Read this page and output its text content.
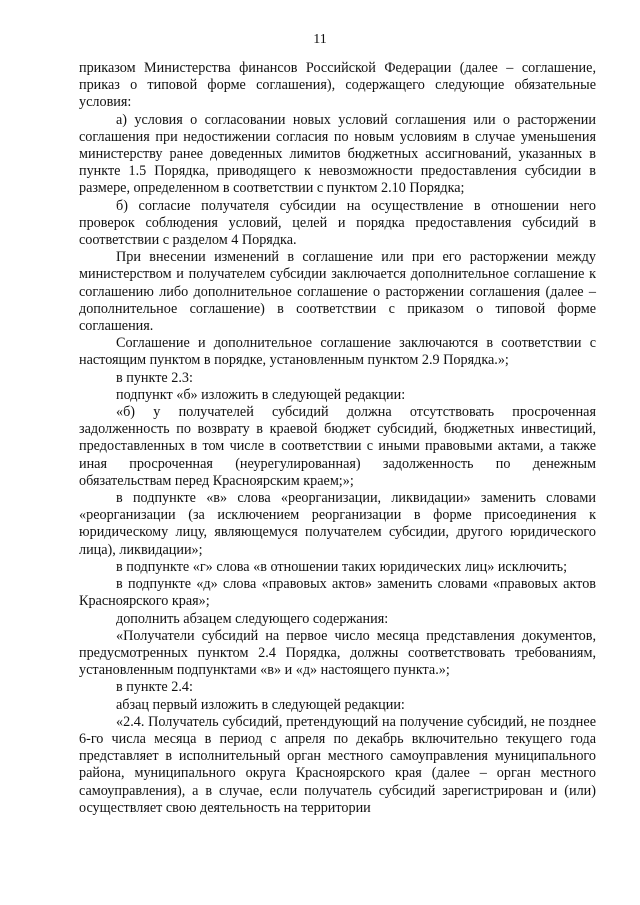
11

приказом Министерства финансов Российской Федерации (далее – соглашение, приказ о типовой форме соглашения), содержащего следующие обязательные условия:

а) условия о согласовании новых условий соглашения или о расторжении соглашения при недостижении согласия по новым условиям в случае уменьшения министерству ранее доведенных лимитов бюджетных ассигнований, указанных в пункте 1.5 Порядка, приводящего к невозможности предоставления субсидии в размере, определенном в соответствии с пунктом 2.10 Порядка;

б) согласие получателя субсидии на осуществление в отношении него проверок соблюдения условий, целей и порядка предоставления субсидий в соответствии с разделом 4 Порядка.

При внесении изменений в соглашение или при его расторжении между министерством и получателем субсидии заключается дополнительное соглашение к соглашению либо дополнительное соглашение о расторжении соглашения (далее – дополнительное соглашение) в соответствии с приказом о типовой форме соглашения.

Соглашение и дополнительное соглашение заключаются в соответствии с настоящим пунктом в порядке, установленным пунктом 2.9 Порядка.»;

в пункте 2.3:

подпункт «б» изложить в следующей редакции:

«б) у получателей субсидий должна отсутствовать просроченная задолженность по возврату в краевой бюджет субсидий, бюджетных инвестиций, предоставленных в том числе в соответствии с иными правовыми актами, а также иная просроченная (неурегулированная) задолженность по денежным обязательствам перед Красноярским краем;»;

в подпункте «в» слова «реорганизации, ликвидации» заменить словами «реорганизации (за исключением реорганизации в форме присоединения к юридическому лицу, являющемуся получателем субсидии, другого юридического лица), ликвидации»;

в подпункте «г» слова «в отношении таких юридических лиц» исключить;

в подпункте «д» слова «правовых актов» заменить словами «правовых актов Красноярского края»;

дополнить абзацем следующего содержания:

«Получатели субсидий на первое число месяца представления документов, предусмотренных пунктом 2.4 Порядка, должны соответствовать требованиям, установленным подпунктами «в» и «д» настоящего пункта.»;

в пункте 2.4:

абзац первый изложить в следующей редакции:

«2.4. Получатель субсидий, претендующий на получение субсидий, не позднее 6-го числа месяца в период с апреля по декабрь включительно текущего года представляет в исполнительный орган местного самоуправления муниципального района, муниципального округа Красноярского края (далее – орган местного самоуправления), а в случае, если получатель субсидий зарегистрирован и (или) осуществляет свою деятельность на территории
